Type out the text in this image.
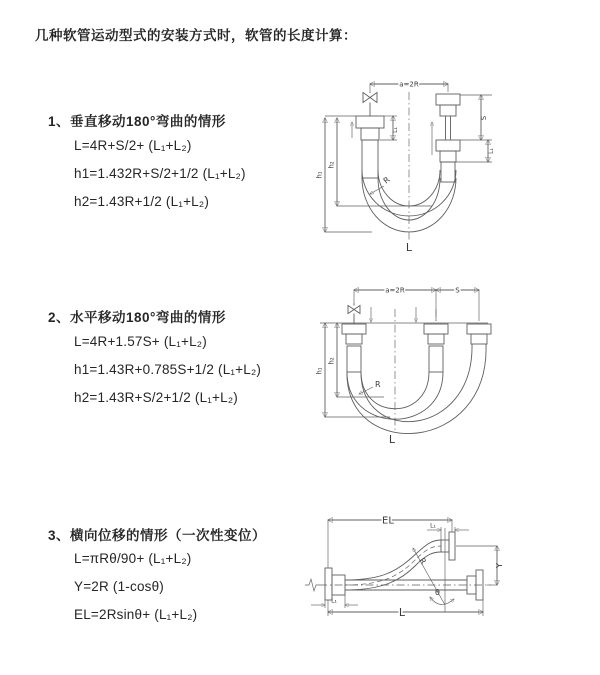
几种软管运动型式的安装方式时，软管的长度计算：
1、垂直移动180°弯曲的情形
L=4R+S/2+ (L₁+L₂)
h1=1.432R+S/2+1/2 (L₁+L₂)
h2=1.43R+1/2 (L₁+L₂)
2、水平移动180°弯曲的情形
L=4R+1.57S+ (L₁+L₂)
h1=1.43R+0.785S+1/2 (L₁+L₂)
h2=1.43R+S/2+1/2 (L₁+L₂)
3、横向位移的情形（一次性变位）
L=πRθ/90+ (L₁+L₂)
Y=2R (1-cosθ)
EL=2Rsinθ+ (L₁+L₂)
a=2R
L₁
S
L₁
h₁
h₂
R
L
a=2R	S
h₁
h₂
R
L
EL	L₁
Y
R
θ
L₁
L
